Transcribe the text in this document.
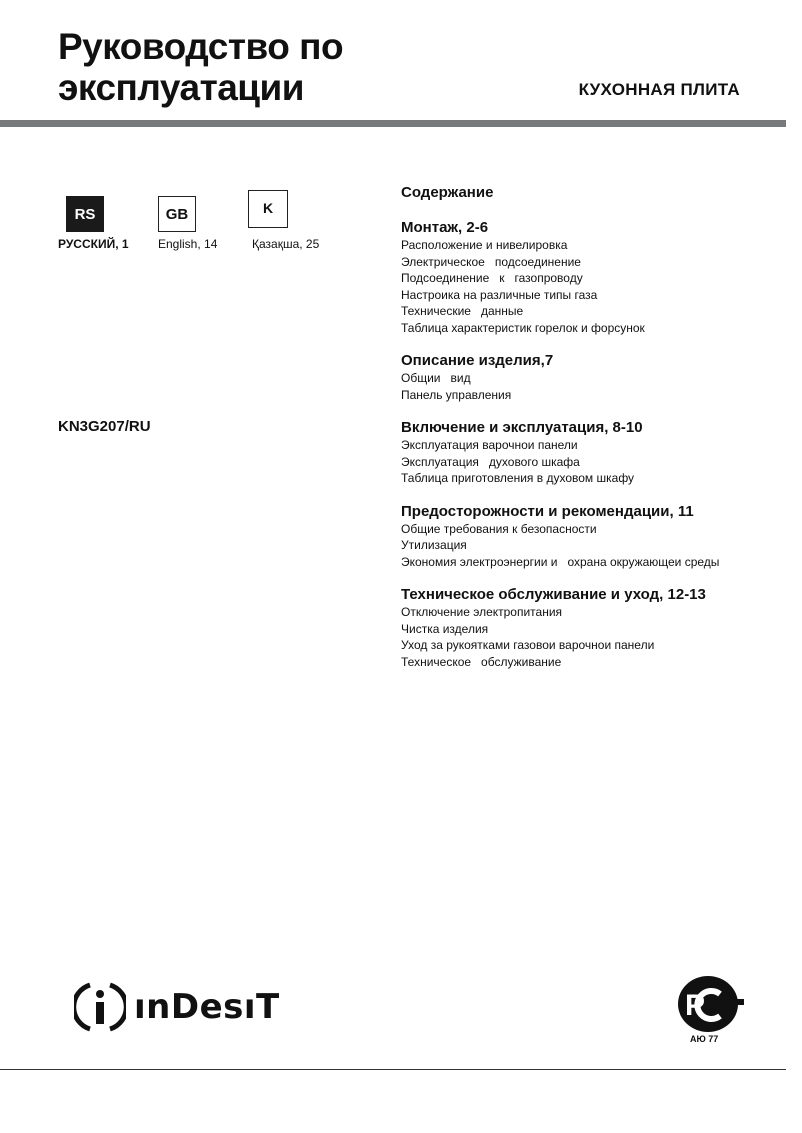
Руководство по
эксплуатации	КУХОННАЯ ПЛИТА
RS	GB	K
РУССКИЙ, 1 English, 14	Қазақша, 25
KN3G207/RU
Содержание
Монтаж, 2-6
Расположение и нивелировка
Электрическое   подсоединение
Подсоединение   к   газопроводу
Настроика на различные типы газа
Технические   данные
Таблица характеристик горелок и форсунок
Описание изделия,7
Общии   вид
Панель управления
Включение и эксплуатация, 8-10
Эксплуатация варочнои панели
Эксплуатация   духового шкафа
Таблица приготовления в духовом шкафу
Предосторожности и рекомендации, 11
Общие требования к безопасности
Утилизация
Экономия электроэнергии и   охрана окружающеи среды
Техническое обслуживание и уход, 12-13
Отключение электропитания
Чистка изделия
Уход за рукоятками газовои варочнои панели
Техническое   обслуживание
ınDesıT	Р
АЮ 77
